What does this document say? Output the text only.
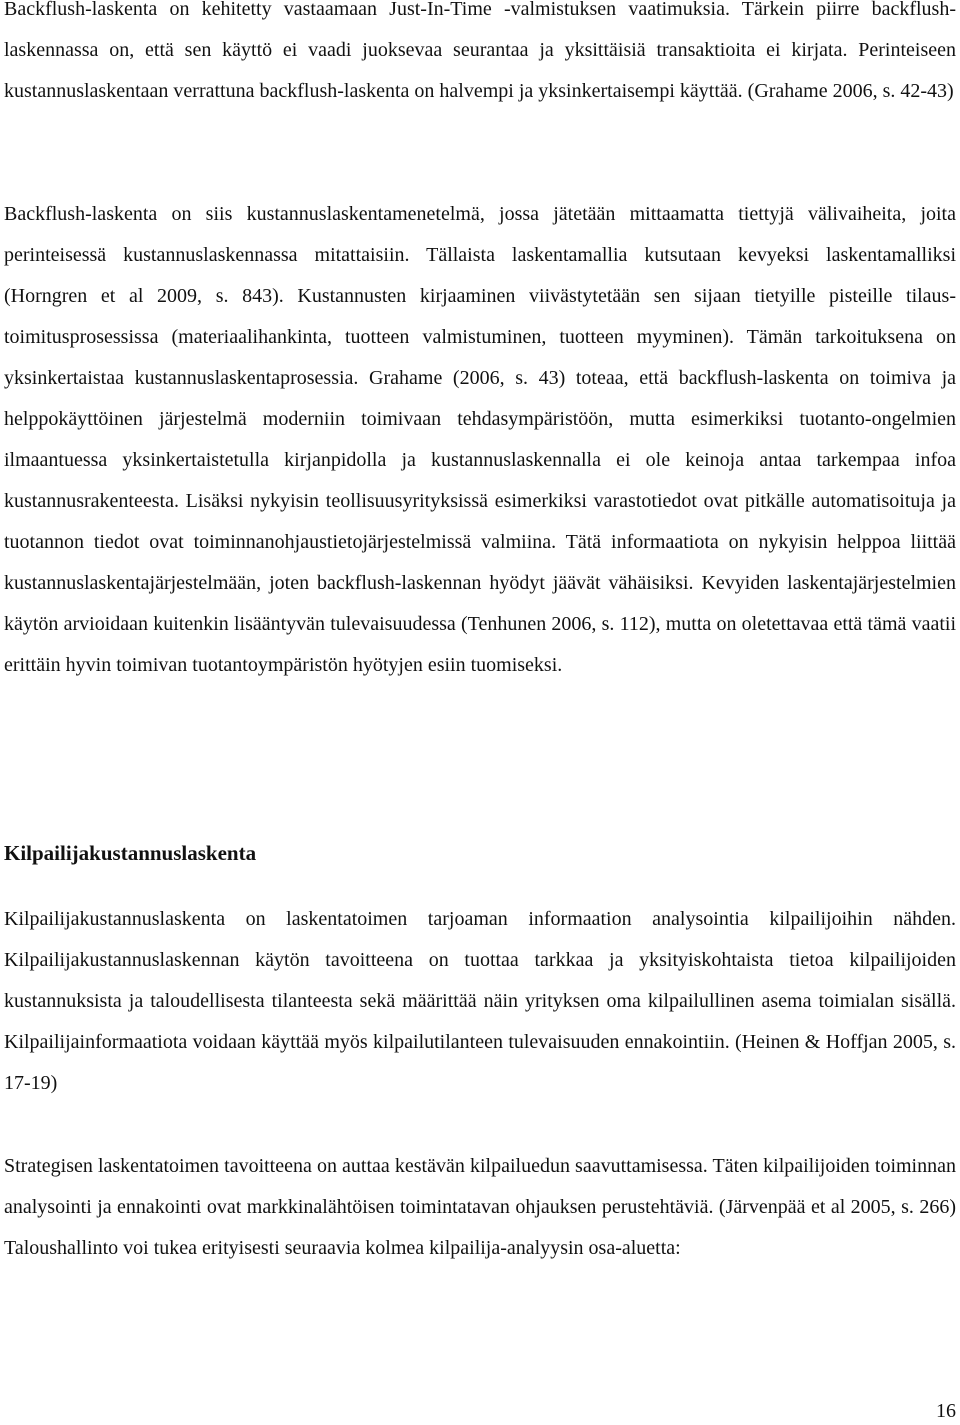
Backflush-laskenta on kehitetty vastaamaan Just-In-Time -valmistuksen vaatimuksia. Tärkein piirre backflush-laskennassa on, että sen käyttö ei vaadi juoksevaa seurantaa ja yksittäisiä transaktioita ei kirjata. Perinteiseen kustannuslaskentaan verrattuna backflush-laskenta on halvempi ja yksinkertaisempi käyttää. (Grahame 2006, s. 42-43)

Backflush-laskenta on siis kustannuslaskentamenetelmä, jossa jätetään mittaamatta tiettyjä välivaiheita, joita perinteisessä kustannuslaskennassa mitattaisiin. Tällaista laskentamallia kutsutaan kevyeksi laskentamalliksi (Horngren et al 2009, s. 843). Kustannusten kirjaaminen viivästytetään sen sijaan tietyille pisteille tilaus-toimitusprosessissa (materiaalihankinta, tuotteen valmistuminen, tuotteen myyminen). Tämän tarkoituksena on yksinkertaistaa kustannuslaskentaprosessia. Grahame (2006, s. 43) toteaa, että backflush-laskenta on toimiva ja helppokäyttöinen järjestelmä moderniin toimivaan tehdasympäristöön, mutta esimerkiksi tuotanto-ongelmien ilmaantuessa yksinkertaistetulla kirjanpidolla ja kustannuslaskennalla ei ole keinoja antaa tarkempaa infoa kustannusrakenteesta. Lisäksi nykyisin teollisuusyrityksissä esimerkiksi varastotiedot ovat pitkälle automatisoituja ja tuotannon tiedot ovat toiminnanohjaustietojärjestelmissä valmiina. Tätä informaatiota on nykyisin helppoa liittää kustannuslaskentajärjestelmään, joten backflush-laskennan hyödyt jäävät vähäisiksi. Kevyiden laskentajärjestelmien käytön arvioidaan kuitenkin lisääntyvän tulevaisuudessa (Tenhunen 2006, s. 112), mutta on oletettavaa että tämä vaatii erittäin hyvin toimivan tuotantoympäristön hyötyjen esiin tuomiseksi.

Kilpailijakustannuslaskenta

Kilpailijakustannuslaskenta on laskentatoimen tarjoaman informaation analysointia kilpailijoihin nähden. Kilpailijakustannuslaskennan käytön tavoitteena on tuottaa tarkkaa ja yksityiskohtaista tietoa kilpailijoiden kustannuksista ja taloudellisesta tilanteesta sekä määrittää näin yrityksen oma kilpailullinen asema toimialan sisällä. Kilpailijainformaatiota voidaan käyttää myös kilpailutilanteen tulevaisuuden ennakointiin. (Heinen & Hoffjan 2005, s. 17-19)

Strategisen laskentatoimen tavoitteena on auttaa kestävän kilpailuedun saavuttamisessa. Täten kilpailijoiden toiminnan analysointi ja ennakointi ovat markkinalähtöisen toimintatavan ohjauksen perustehtäviä. (Järvenpää et al 2005, s. 266) Taloushallinto voi tukea erityisesti seuraavia kolmea kilpailija-analyysin osa-aluetta:

16
